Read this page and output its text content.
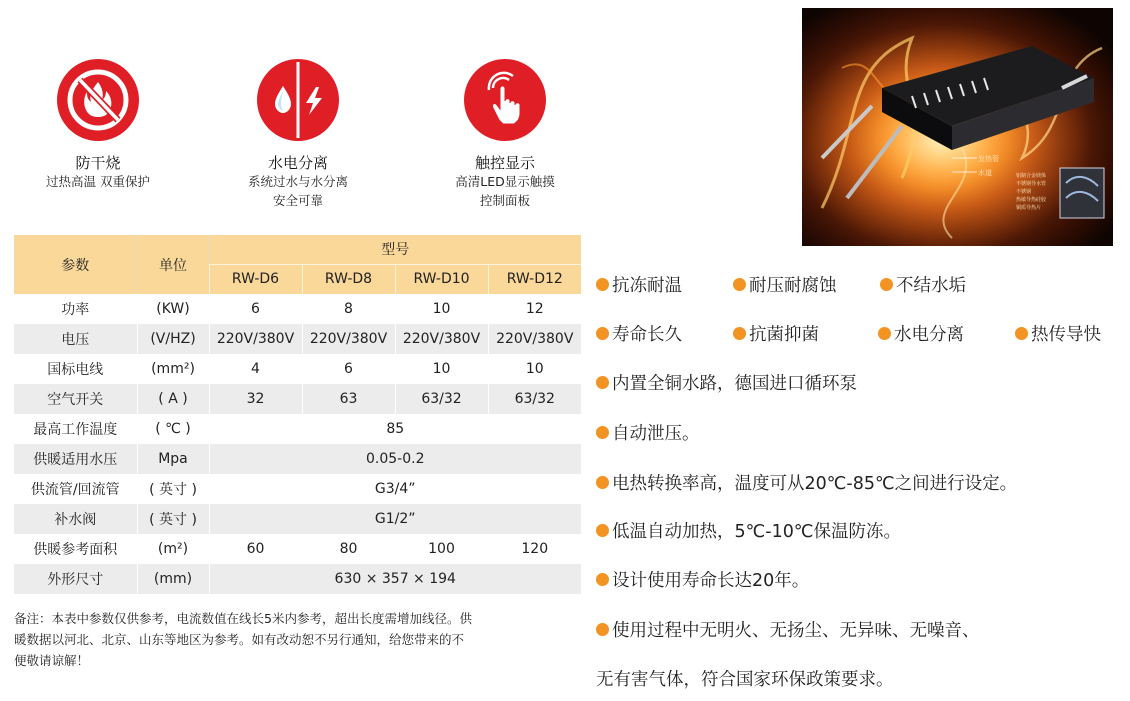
防干烧
过热高温 双重保护
水电分离
系统过水与水分离
安全可靠
触控显示
高清LED显示触摸
控制面板
发热管
水道	铝制合金镁体
不锈钢导水管
不锈钢
热敏导热硅胶
铜质导热片
参数	单位	型号			
		RW-D6	RW-D8	RW-D10	RW-D12
功率	(KW)	6	8	10	12
电压	(V/HZ)	220V/380V	220V/380V	220V/380V	220V/380V
国标电线	(mm²)	4	6	10	10
空气开关	( A )	32	63	63/32	63/32
最高工作温度	( ℃ )	85			
供暖适用水压	Mpa	0.05-0.2			
供流管/回流管	( 英寸 )	G3/4”			
补水阀	( 英寸 )	G1/2”			
供暖参考面积	(m²)	60	80	100	120
外形尺寸	(mm)	630 × 357 × 194			
备注：本表中参数仅供参考，电流数值在线长5米内参考，超出长度需增加线径。供
暖数据以河北、北京、山东等地区为参考。如有改动恕不另行通知，给您带来的不
便敬请谅解！
抗冻耐温	耐压耐腐蚀	不结水垢
寿命长久	抗菌抑菌	水电分离	热传导快
内置全铜水路，德国进口循环泵
自动泄压。
电热转换率高，温度可从20℃-85℃之间进行设定。
低温自动加热，5℃-10℃保温防冻。
设计使用寿命长达20年。
使用过程中无明火、无扬尘、无异味、无噪音、
无有害气体，符合国家环保政策要求。
